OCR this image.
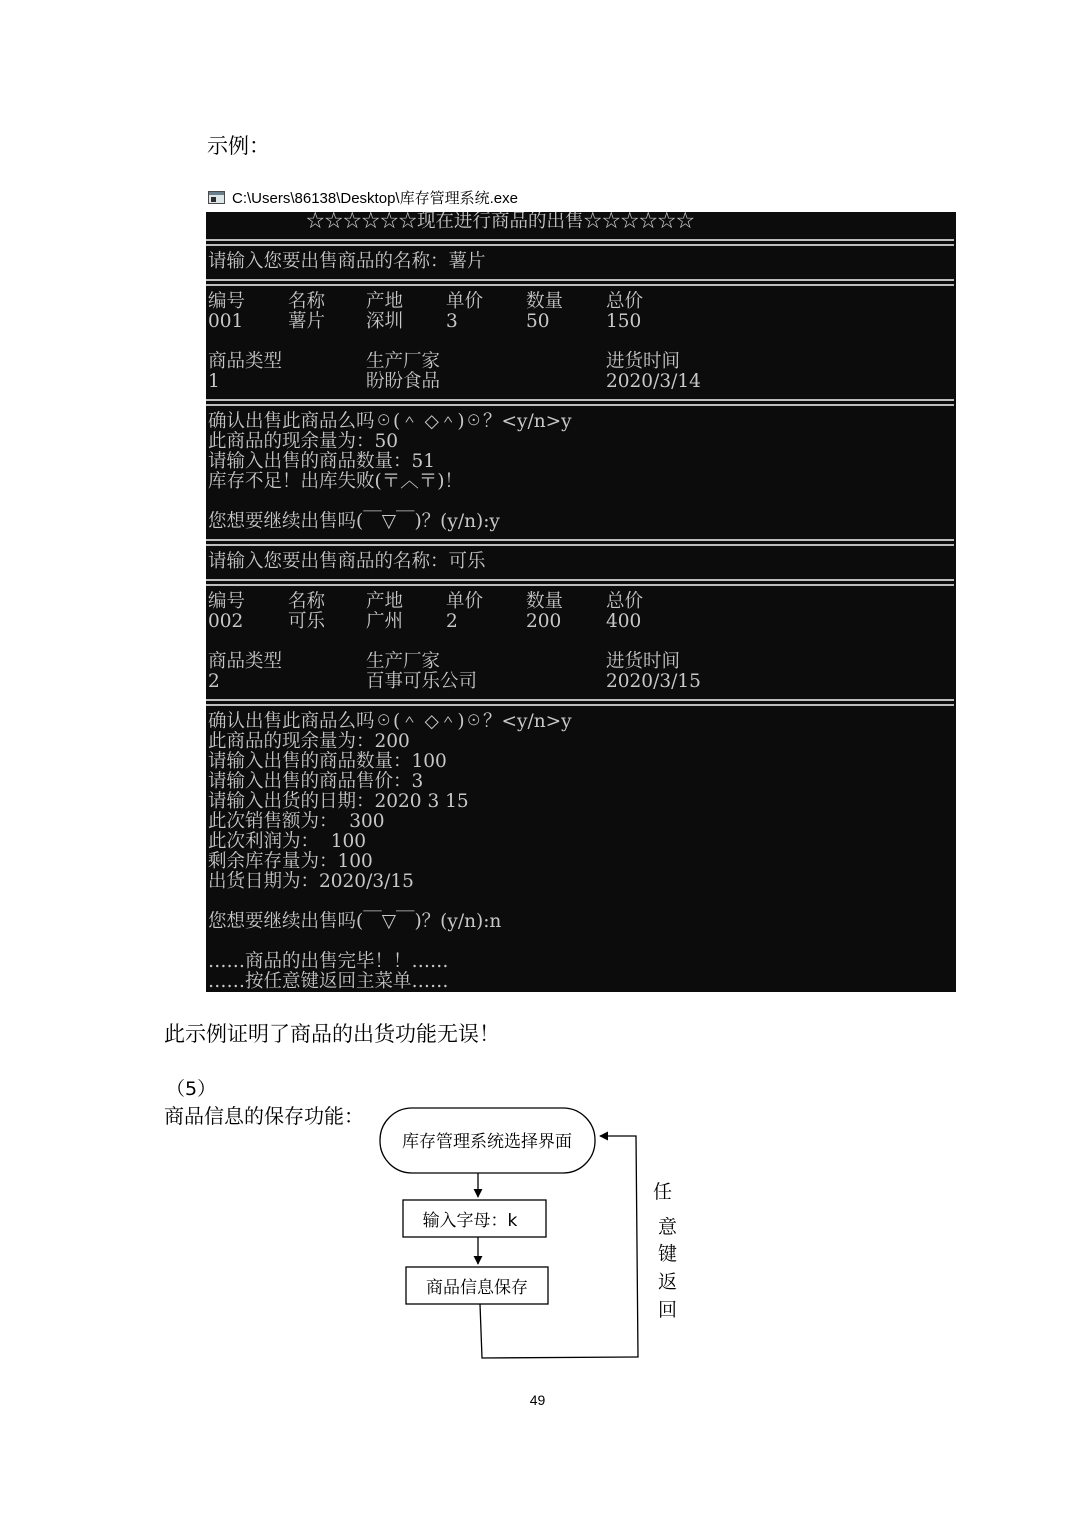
示例：
C:\Users\86138\Desktop\库存管理系统.exe
☆☆☆☆☆☆现在进行商品的出售☆☆☆☆☆☆
请输入您要出售商品的名称：薯片
编号 名称 产地 单价 数量 总价
001 薯片 深圳 3	50	150
商品类型	生产厂家	进货时间
1	盼盼食品	2020/3/14
确认出售此商品么吗☉(＾ ◇＾)☉？<y/n>y
此商品的现余量为：50
请输入出售的商品数量：51
库存不足！出库失败(〒︿〒)！
您想要继续出售吗(￣▽￣)？(y/n):y
请输入您要出售商品的名称：可乐
编号 名称 产地 单价 数量 总价
002 可乐 广州 2	200 400
商品类型	生产厂家	进货时间
2	百事可乐公司	2020/3/15
确认出售此商品么吗☉(＾ ◇＾)☉？<y/n>y
此商品的现余量为：200
请输入出售的商品数量：100
请输入出售的商品售价：3
请输入出货的日期：2020 3 15
此次销售额为：  300
此次利润为：  100
剩余库存量为：100
出货日期为：2020/3/15
您想要继续出售吗(￣▽￣)？(y/n):n
……商品的出售完毕！！……
……按任意键返回主菜单……
此示例证明了商品的出货功能无误！
（5）
商品信息的保存功能：
库存管理系统选择界面
输入字母：k
商品信息保存
任
意
键
返
回
49
